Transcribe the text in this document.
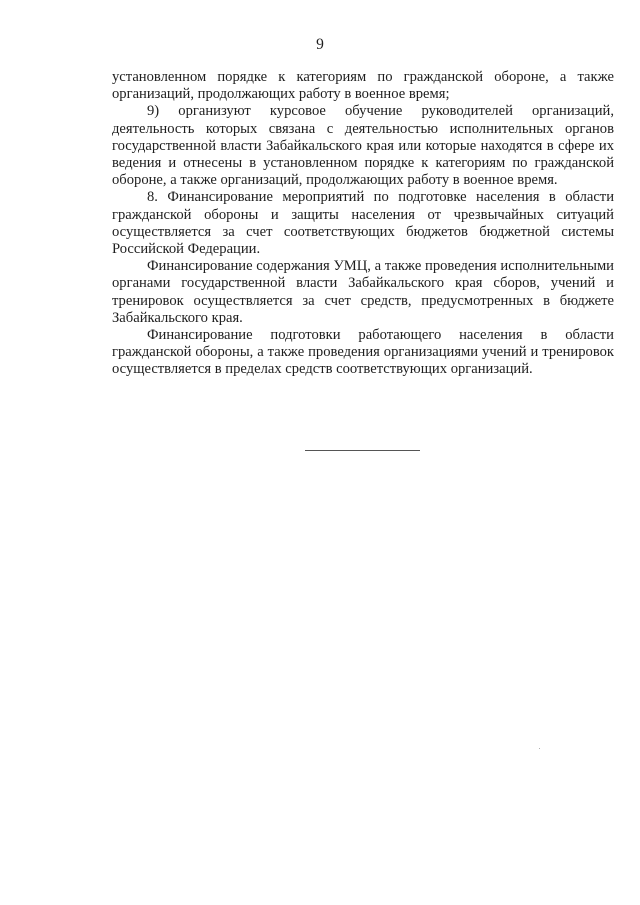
9

установленном порядке к категориям по гражданской обороне, а также организаций, продолжающих работу в военное время;

9) организуют курсовое обучение руководителей организаций, деятельность которых связана с деятельностью исполнительных органов государственной власти Забайкальского края или которые находятся в сфере их ведения и отнесены в установленном порядке к категориям по гражданской обороне, а также организаций, продолжающих работу в военное время.

8. Финансирование мероприятий по подготовке населения в области гражданской обороны и защиты населения от чрезвычайных ситуаций осуществляется за счет соответствующих бюджетов бюджетной системы Российской Федерации.

Финансирование содержания УМЦ, а также проведения исполнительными органами государственной власти Забайкальского края сборов, учений и тренировок осуществляется за счет средств, предусмотренных в бюджете Забайкальского края.

Финансирование подготовки работающего населения в области гражданской обороны, а также проведения организациями учений и тренировок осуществляется в пределах средств соответствующих организаций.
